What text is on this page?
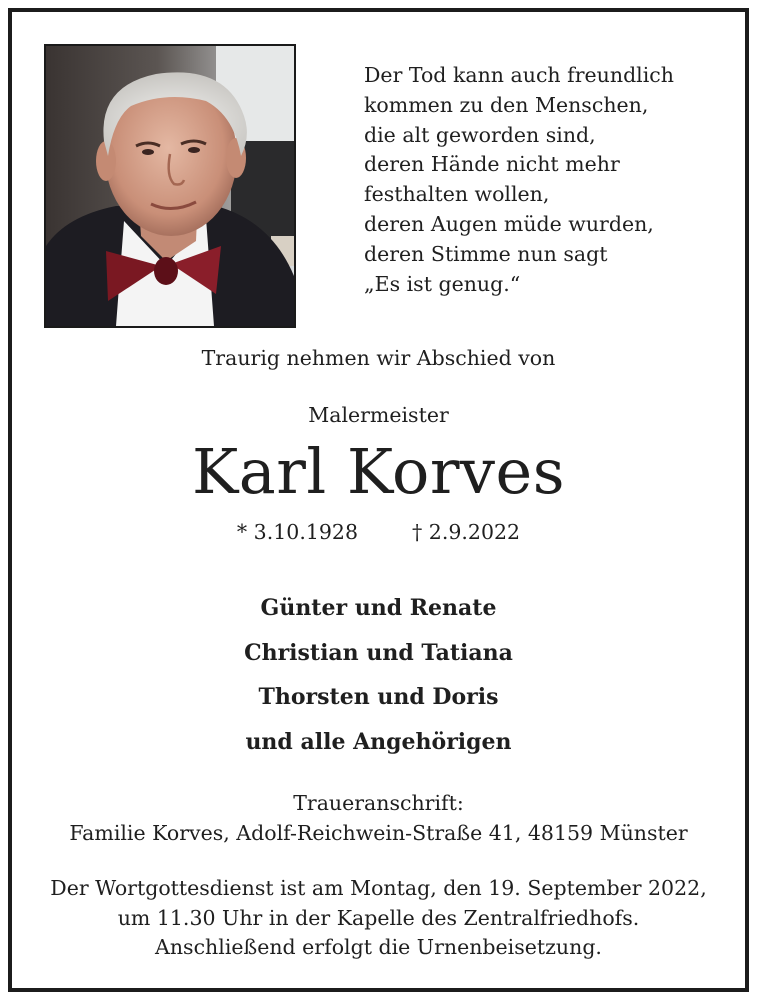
Der Tod kann auch freundlich
kommen zu den Menschen,
die alt geworden sind,
deren Hände nicht mehr
festhalten wollen,
deren Augen müde wurden,
deren Stimme nun sagt
„Es ist genug.“
Traurig nehmen wir Abschied von
Malermeister
Karl Korves
* 3.10.1928	† 2.9.2022
Günter und Renate
Christian und Tatiana
Thorsten und Doris
und alle Angehörigen
Traueranschrift:
Familie Korves, Adolf-Reichwein-Straße 41, 48159 Münster
Der Wortgottesdienst ist am Montag, den 19. September 2022,
um 11.30 Uhr in der Kapelle des Zentralfriedhofs.
Anschließend erfolgt die Urnenbeisetzung.
